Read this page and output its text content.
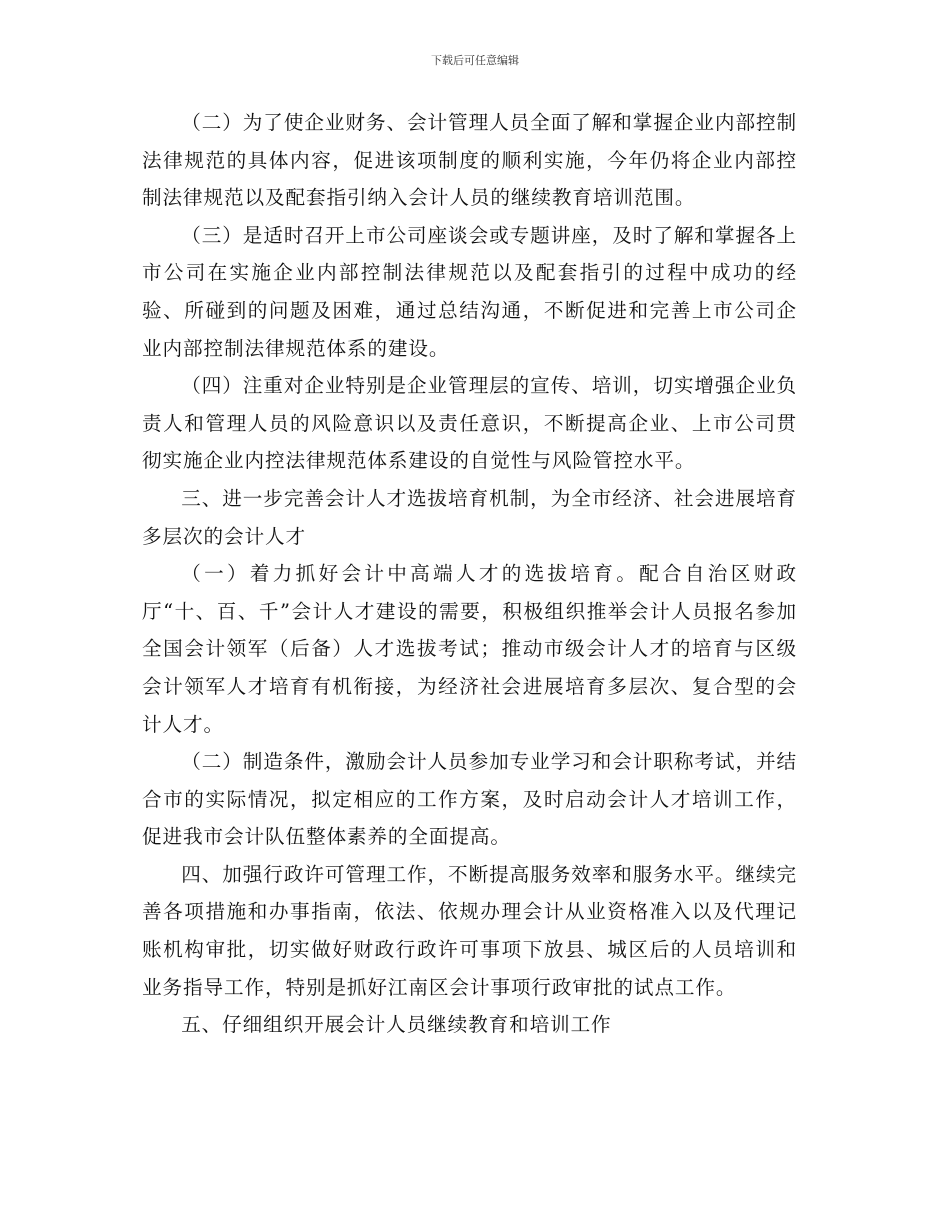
下载后可任意编辑

（二）为了使企业财务、会计管理人员全面了解和掌握企业内部控制法律规范的具体内容，促进该项制度的顺利实施，今年仍将企业内部控制法律规范以及配套指引纳入会计人员的继续教育培训范围。

（三）是适时召开上市公司座谈会或专题讲座，及时了解和掌握各上市公司在实施企业内部控制法律规范以及配套指引的过程中成功的经验、所碰到的问题及困难，通过总结沟通，不断促进和完善上市公司企业内部控制法律规范体系的建设。

（四）注重对企业特别是企业管理层的宣传、培训，切实增强企业负责人和管理人员的风险意识以及责任意识，不断提高企业、上市公司贯彻实施企业内控法律规范体系建设的自觉性与风险管控水平。

三、进一步完善会计人才选拔培育机制，为全市经济、社会进展培育多层次的会计人才

（一）着力抓好会计中高端人才的选拔培育。配合自治区财政厅“十、百、千”会计人才建设的需要，积极组织推举会计人员报名参加全国会计领军（后备）人才选拔考试；推动市级会计人才的培育与区级会计领军人才培育有机衔接，为经济社会进展培育多层次、复合型的会计人才。

（二）制造条件，激励会计人员参加专业学习和会计职称考试，并结合市的实际情况，拟定相应的工作方案，及时启动会计人才培训工作，促进我市会计队伍整体素养的全面提高。

四、加强行政许可管理工作，不断提高服务效率和服务水平。继续完善各项措施和办事指南，依法、依规办理会计从业资格准入以及代理记账机构审批，切实做好财政行政许可事项下放县、城区后的人员培训和业务指导工作，特别是抓好江南区会计事项行政审批的试点工作。

五、仔细组织开展会计人员继续教育和培训工作
